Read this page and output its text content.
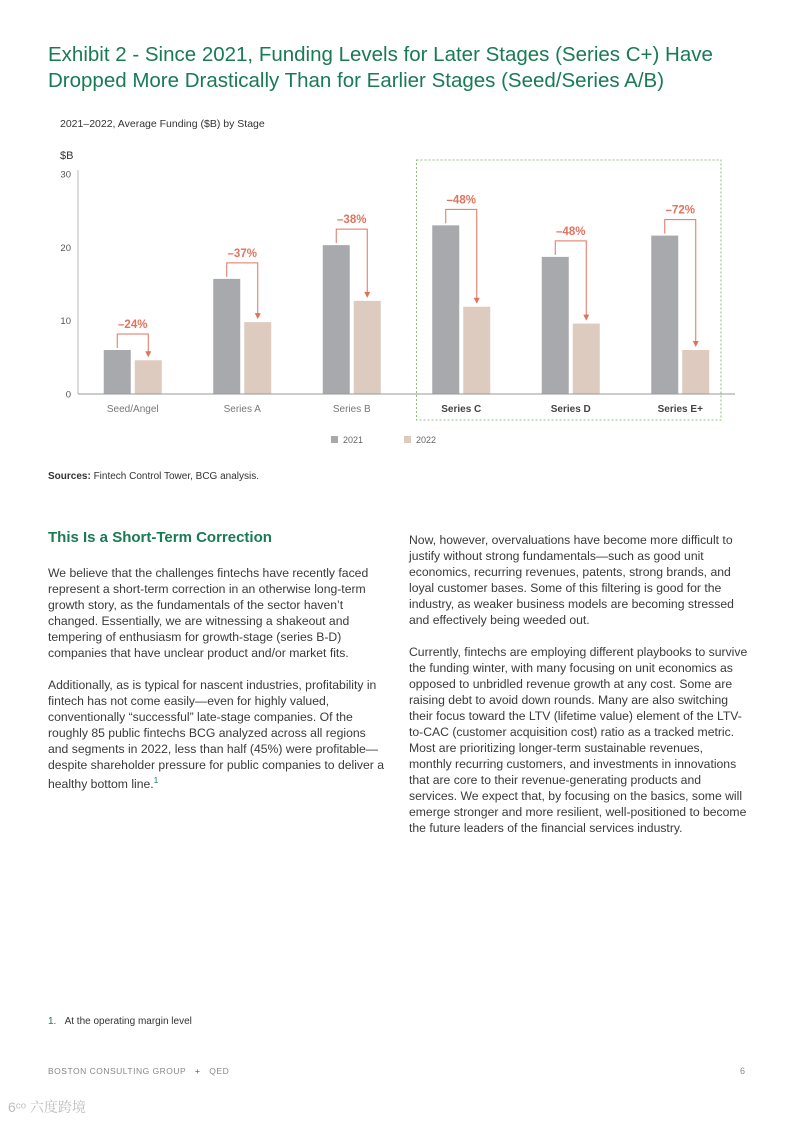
Exhibit 2 - Since 2021, Funding Levels for Later Stages (Series C+) Have Dropped More Drastically Than for Earlier Stages (Seed/Series A/B)
2021–2022, Average Funding ($B) by Stage
$B
0
10
20
30
–24%
Seed/Angel
–37%
Series A
–38%
Series B
–48%
Series C
–48%
Series D
–72%
Series E+
2021	2022
Sources: Fintech Control Tower, BCG analysis.
This Is a Short-Term Correction

We believe that the challenges fintechs have recently faced represent a short-term correction in an otherwise long-term growth story, as the fundamentals of the sector haven’t changed. Essentially, we are witnessing a shakeout and tempering of enthusiasm for growth-stage (series B-D) companies that have unclear product and/or market fits.

Additionally, as is typical for nascent industries, profitability in fintech has not come easily—even for highly valued, conventionally “successful” late-stage companies. Of the roughly 85 public fintechs BCG analyzed across all regions and segments in 2022, less than half (45%) were profitable—despite shareholder pressure for public companies to deliver a healthy bottom line.$^1$

Now, however, overvaluations have become more difficult to justify without strong fundamentals—such as good unit economics, recurring revenues, patents, strong brands, and loyal customer bases. Some of this filtering is good for the industry, as weaker business models are becoming stressed and effectively being weeded out.

Currently, fintechs are employing different playbooks to survive the funding winter, with many focusing on unit economics as opposed to unbridled revenue growth at any cost. Some are raising debt to avoid down rounds. Many are also switching their focus toward the LTV (lifetime value) element of the LTV-to-CAC (customer acquisition cost) ratio as a tracked metric. Most are prioritizing longer-term sustainable revenues, monthly recurring customers, and investments in innovations that are core to their revenue-generating products and services. We expect that, by focusing on the basics, some will emerge stronger and more resilient, well-positioned to become the future leaders of the financial services industry.

1. At the operating margin level
BOSTON CONSULTING GROUP + QED	6
6ᶜᵒ 六度跨境
